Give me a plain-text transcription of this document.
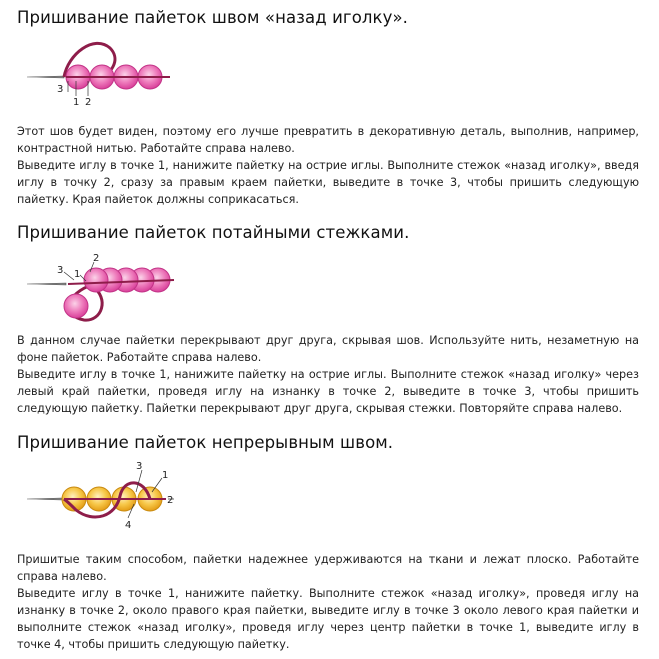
Пришивание пайеток швом «назад иголку».
3
1 2

Этот шов будет виден, поэтому его лучше превратить в декоративную деталь, выполнив, например, контрастной нитью. Работайте справа налево.

Выведите иглу в точке 1, нанижите пайетку на острие иглы. Выполните стежок «назад иголку», введя иглу в точку 2, сразу за правым краем пайетки, выведите в точке 3, чтобы пришить следующую пайетку. Края пайеток должны соприкасаться.

Пришивание пайеток потайными стежками.
3
2
1

В данном случае пайетки перекрывают друг друга, скрывая шов. Используйте нить, незаметную на фоне пайеток. Работайте справа налево.

Выведите иглу в точке 1, нанижите пайетку на острие иглы. Выполните стежок «назад иголку» через левый край пайетки, проведя иглу на изнанку в точке 2, выведите в точке 3, чтобы пришить следующую пайетку. Пайетки перекрывают друг друга, скрывая стежки. Повторяйте справа налево.

Пришивание пайеток непрерывным швом.
3
1
2
4

Пришитые таким способом, пайетки надежнее удерживаются на ткани и лежат плоско. Работайте справа налево.

Выведите иглу в точке 1, нанижите пайетку. Выполните стежок «назад иголку», проведя иглу на изнанку в точке 2, около правого края пайетки, выведите иглу в точке 3 около левого края пайетки и выполните стежок «назад иголку», проведя иглу через центр пайетки в точке 1, выведите иглу в точке 4, чтобы пришить следующую пайетку.
